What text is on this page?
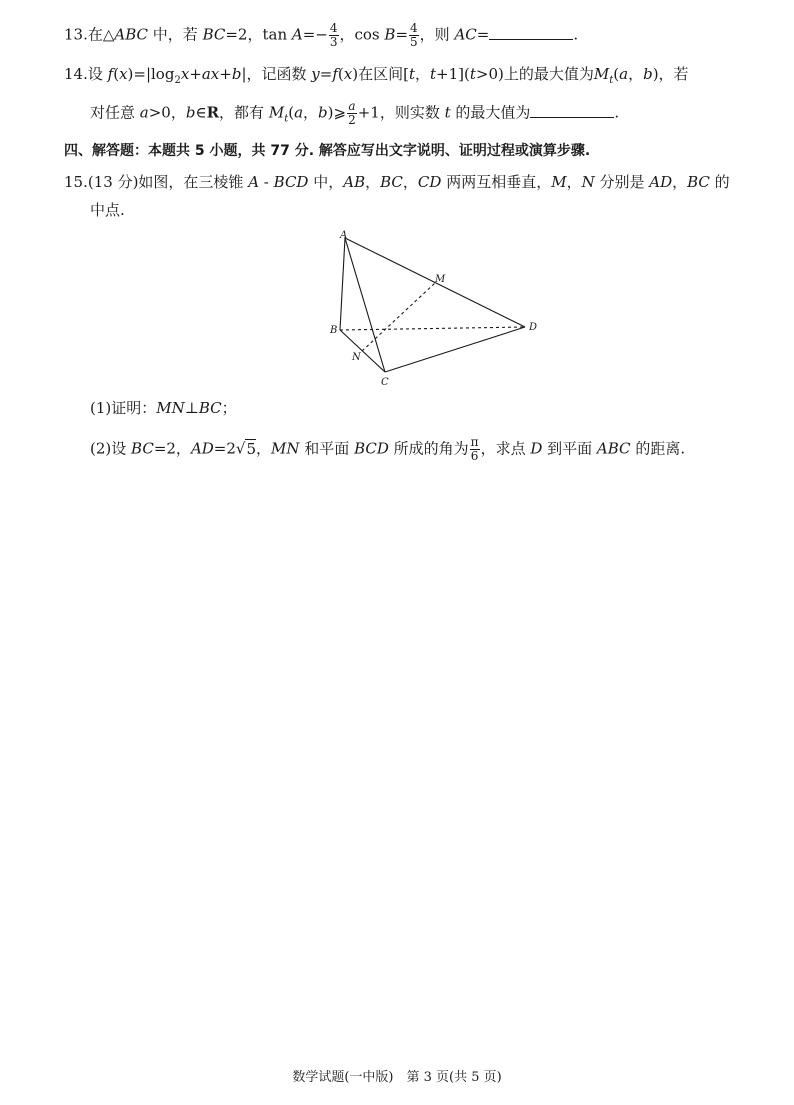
13.在△ABC 中，若 BC=2，$\tan A=- \frac{4}{3}$ ，$\cos B= \frac{4}{5}$ ，则 AC=	.
14.设 $f(x)=|\log_2x+ax+b|$，记函数 y=f(x)在区间[t，t+1](t>0)上的最大值为$M_t(a$，b)，若
对任意 a>0，b∈R，都有 $M_t(a$，b)⩾ $\frac{a}{2} +1$，则实数 t 的最大值为	.
四、解答题：本题共 5 小题，共 77 分. 解答应写出文字说明、证明过程或演算步骤.
15.(13 分)如图，在三棱锥 A - BCD 中，AB，BC，CD 两两互相垂直，M，N 分别是 AD，BC 的
中点.
A
B
C
D
M
N
(1)证明：MN⊥BC；
(2)设 BC=2，AD=2√5，MN 和平面 BCD 所成的角为 $\frac{\pi}{6}$ ，求点 D 到平面 ABC 的距离.
数学试题(一中版)　第 3 页(共 5 页)
